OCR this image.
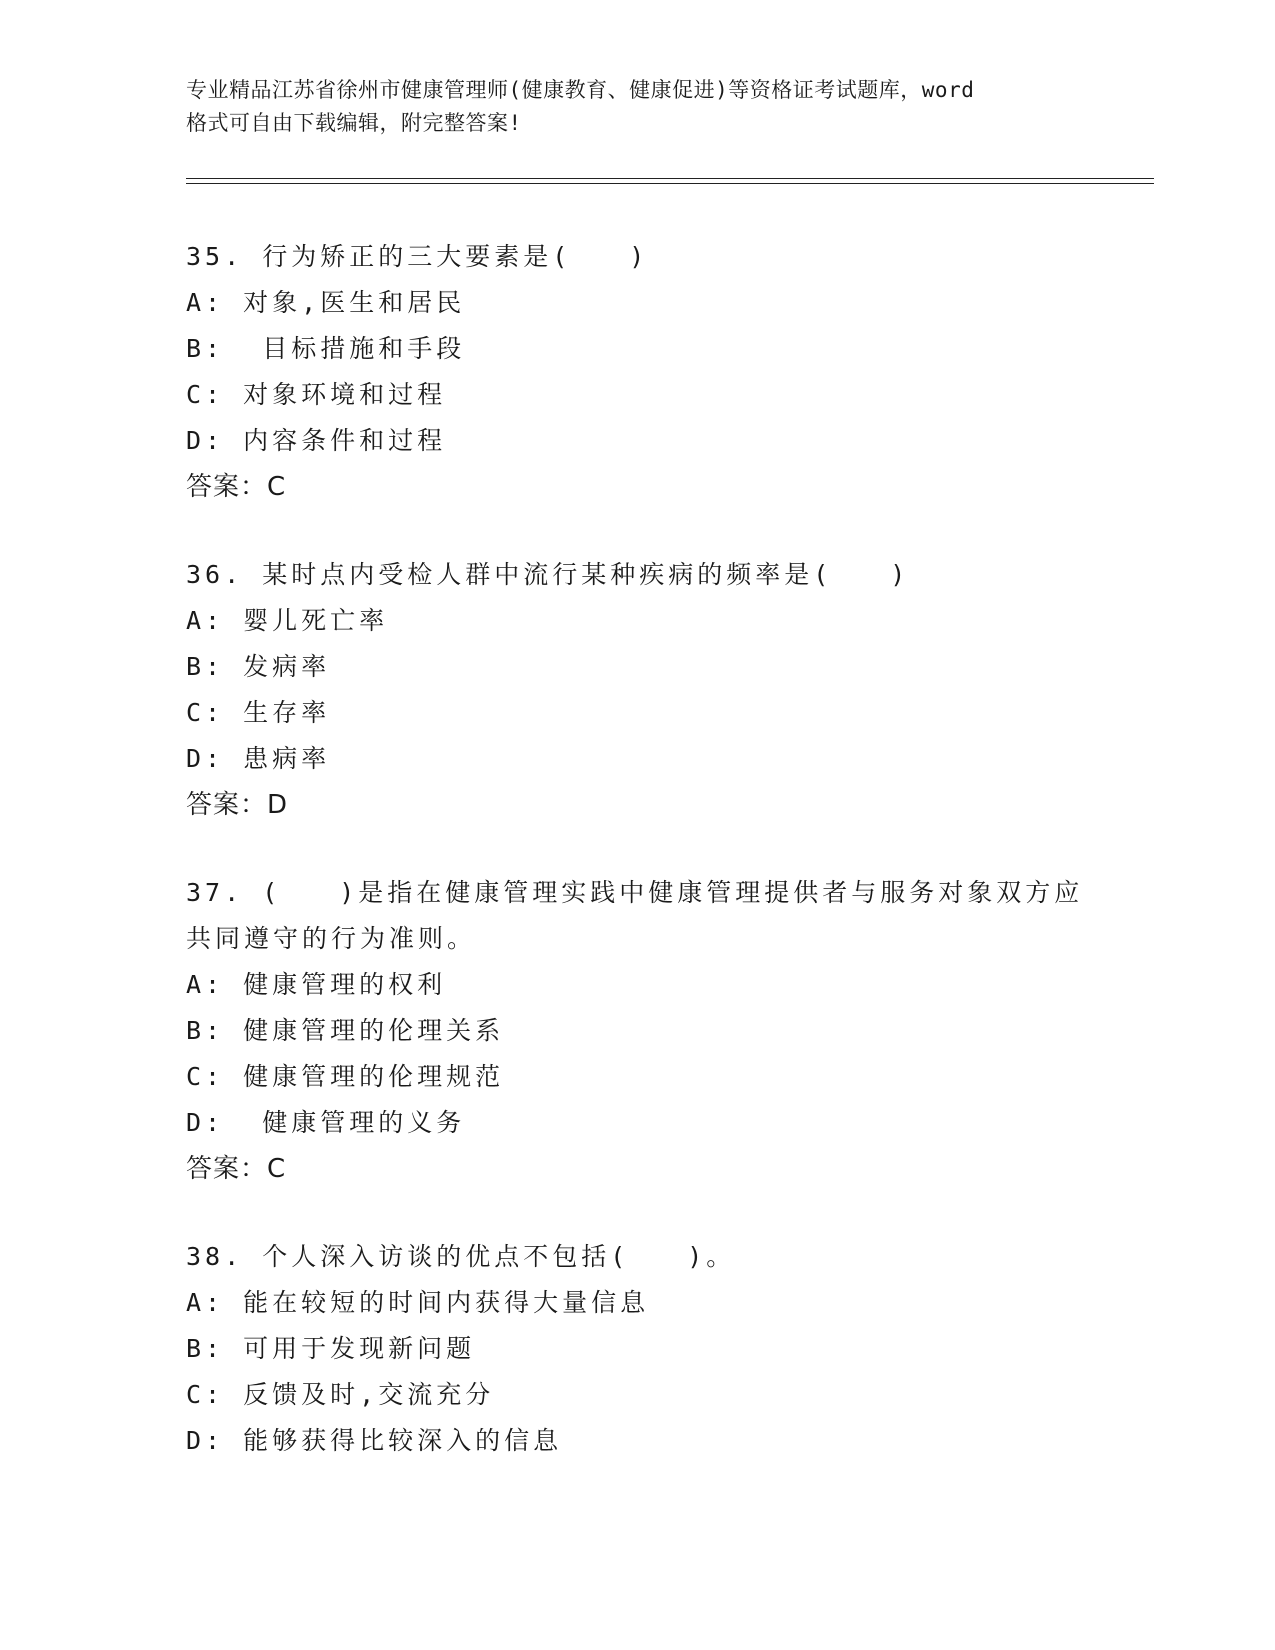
专业精品江苏省徐州市健康管理师(健康教育、健康促进)等资格证考试题库，word
格式可自由下载编辑，附完整答案!
35. 行为矫正的三大要素是(　　)
A: 对象,医生和居民
B:  目标措施和手段
C: 对象环境和过程
D: 内容条件和过程
答案：C
36. 某时点内受检人群中流行某种疾病的频率是(　　)
A: 婴儿死亡率
B: 发病率
C: 生存率
D: 患病率
答案：D
37. (　　)是指在健康管理实践中健康管理提供者与服务对象双方应共同遵守的行为准则。
A: 健康管理的权利
B: 健康管理的伦理关系
C: 健康管理的伦理规范
D:  健康管理的义务
答案：C
38. 个人深入访谈的优点不包括(　　)。
A: 能在较短的时间内获得大量信息
B: 可用于发现新问题
C: 反馈及时,交流充分
D: 能够获得比较深入的信息
